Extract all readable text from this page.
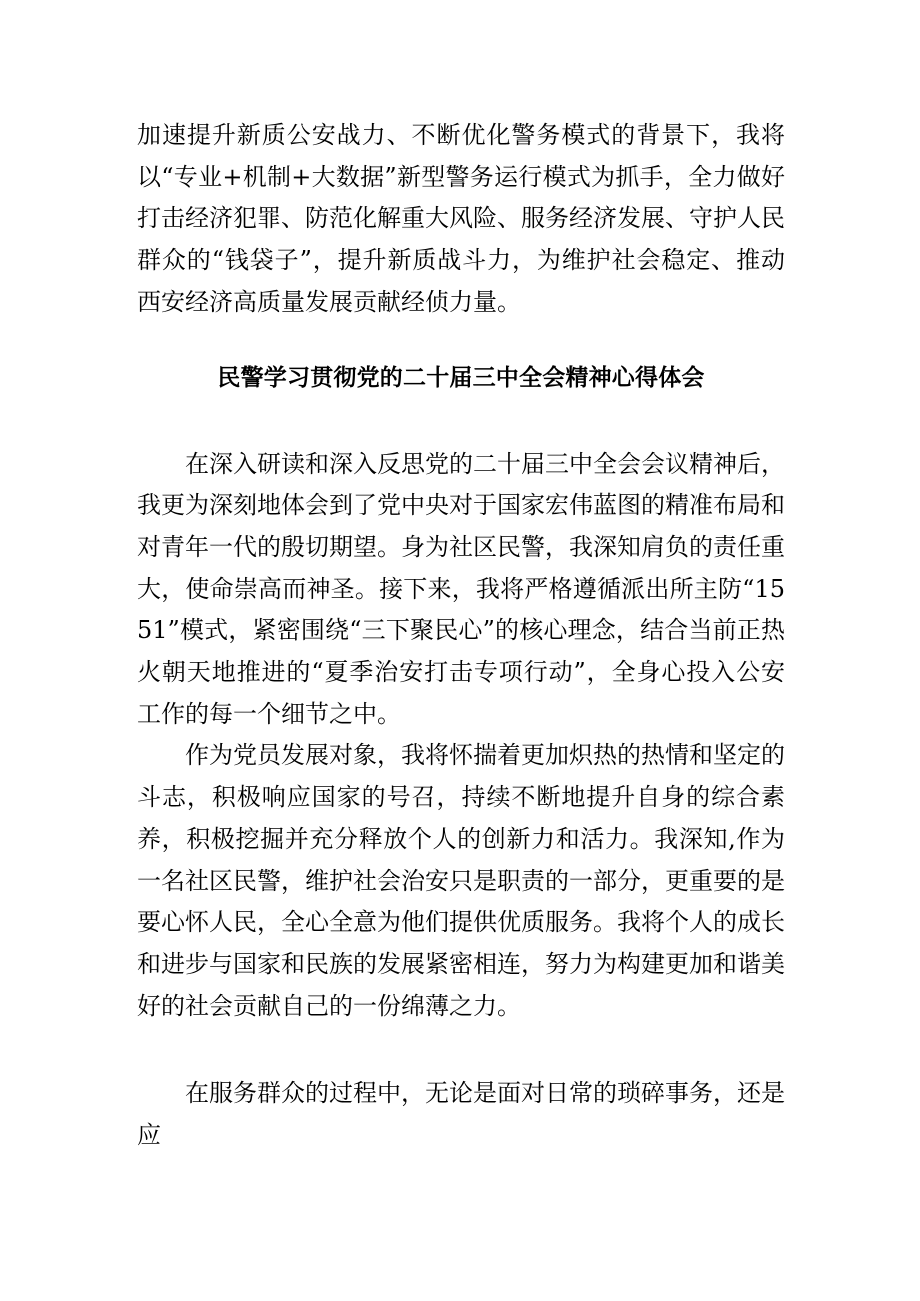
加速提升新质公安战力、不断优化警务模式的背景下，我将以“专业+机制+大数据”新型警务运行模式为抓手，全力做好打击经济犯罪、防范化解重大风险、服务经济发展、守护人民群众的“钱袋子”，提升新质战斗力，为维护社会稳定、推动西安经济高质量发展贡献经侦力量。

民警学习贯彻党的二十届三中全会精神心得体会

在深入研读和深入反思党的二十届三中全会会议精神后，我更为深刻地体会到了党中央对于国家宏伟蓝图的精准布局和对青年一代的殷切期望。身为社区民警，我深知肩负的责任重大，使命崇高而神圣。接下来，我将严格遵循派出所主防“1551”模式，紧密围绕“三下聚民心”的核心理念，结合当前正热火朝天地推进的“夏季治安打击专项行动”，全身心投入公安工作的每一个细节之中。

作为党员发展对象，我将怀揣着更加炽热的热情和坚定的斗志，积极响应国家的号召，持续不断地提升自身的综合素养，积极挖掘并充分释放个人的创新力和活力。我深知,作为一名社区民警，维护社会治安只是职责的一部分，更重要的是要心怀人民，全心全意为他们提供优质服务。我将个人的成长和进步与国家和民族的发展紧密相连，努力为构建更加和谐美好的社会贡献自己的一份绵薄之力。

在服务群众的过程中，无论是面对日常的琐碎事务，还是应
